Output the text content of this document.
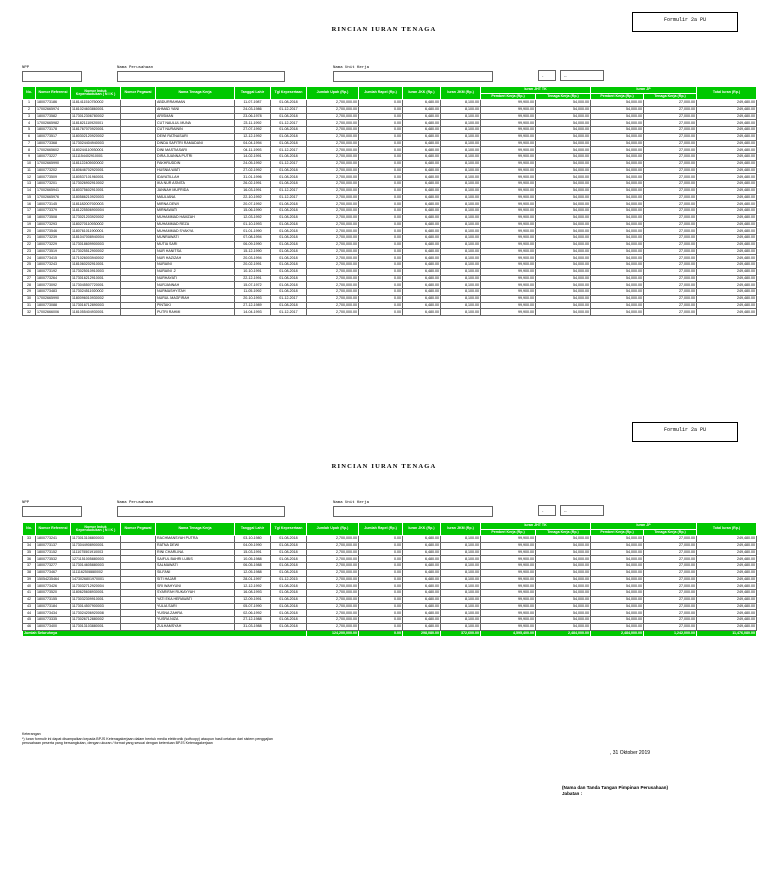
Formulir 2a PU
RINCIAN IURAN TENAGA
NPP	Nama Perusahaan	Nama Unit Kerja
-	--
No.	Nomor Referensi	Nomor Induk Kependudukan ( N I K )	Nomor Pegawai	Nama Tenaga Kerja	Tanggal Lahir	Tgl Kepesertaan	Jumlah Upah (Rp.)	Jumlah Rapel (Rp.)	Iuran JKK (Rp.)	Iuran JKM (Rp.)	Iuran JHT TK		Iuran JP		Total Iuran (Rp.)
											Pemberi Kerja (Rp.)	Tenaga Kerja (Rp.)	Pemberi Kerja (Rp.)	Tenaga Kerja (Rp.)	
1	1800773186	1181411510750002		ABDURRAHMAN	11-07-1987	01-08-2018	2,700,000.00	0.00	6,480.00	8,100.00	99,900.00	54,000.00	54,000.00	27,000.00	249,480.00
2	17002665974	1181024603860001		AHMAD YANI	24-03-1986	01-12-2017	2,700,000.00	0.00	6,480.00	8,100.00	99,900.00	54,000.00	54,000.00	27,000.00	249,480.00
3	1800773582	1173012306780002		ARISMAN	23-06-1978	01-08-2018	2,700,000.00	0.00	6,480.00	8,100.00	99,900.00	54,000.00	54,000.00	27,000.00	249,480.00
4	17002665982	1181821110920001		CUT NAULUL MUNA	23-11-1992	01-12-2017	2,700,000.00	0.00	6,480.00	8,100.00	99,900.00	54,000.00	54,000.00	27,000.00	249,480.00
5	1800773178	1181767070920001		CUT NURAININ	27-07-1992	01-08-2018	2,700,000.00	0.00	6,480.00	8,100.00	99,900.00	54,000.00	54,000.00	27,000.00	249,480.00
6	1800773517	1180302120920002		DEWI RATNASARI	12-12-1992	01-08-2018	2,700,000.00	0.00	6,480.00	8,100.00	99,900.00	54,000.00	54,000.00	27,000.00	249,480.00
7	1800773368	1173024404940003		DINDA SAFITRI RAMADANI	04-04-1994	01-08-2018	2,700,000.00	0.00	6,480.00	8,100.00	99,900.00	54,000.00	54,000.00	27,000.00	249,480.00
8	17002665602	1180244110930001		DINI MASTIASARI	04-11-1993	01-12-2017	2,700,000.00	0.00	6,480.00	8,100.00	99,900.00	54,000.00	54,000.00	27,000.00	249,480.00
9	1800773227	1111154402910001		DIRA JUANNA PUTRI	14-02-1991	01-08-2018	2,700,000.00	0.00	6,480.00	8,100.00	99,900.00	54,000.00	54,000.00	27,000.00	249,480.00
10	17002665990	1181122405920002		FAKHRUDDIN	24-05-1992	01-12-2017	2,700,000.00	0.00	6,480.00	8,100.00	99,900.00	54,000.00	54,000.00	27,000.00	249,480.00
11	1800773202	1180646702920001		HUSNIA WATI	27-02-1992	01-08-2018	2,700,000.00	0.00	6,480.00	8,100.00	99,900.00	54,000.00	54,000.00	27,000.00	249,480.00
12	1800773509	1180537101960001		IDAYATILLAH	31-01-1996	01-08-2018	2,700,000.00	0.00	6,480.00	8,100.00	99,900.00	54,000.00	54,000.00	27,000.00	249,480.00
13	1800773201	1173026902910002		IKA NUR ASNITA	26-02-1991	01-08-2018	2,700,000.00	0.00	6,480.00	8,100.00	99,900.00	54,000.00	54,000.00	27,000.00	249,480.00
14	17002665941	1180375602910001		JANNAH MUFRIDA	16-03-1991	01-12-2017	2,700,000.00	0.00	6,480.00	8,100.00	99,900.00	54,000.00	54,000.00	27,000.00	249,480.00
15	17002665976	1180586210920003		MAULIANA	22-10-1992	01-12-2017	2,700,000.00	0.00	6,480.00	8,100.00	99,900.00	54,000.00	54,000.00	27,000.00	249,480.00
16	1800773145	1181182007920003		MIRNA DEWI	20-07-1992	01-08-2018	2,700,000.00	0.00	6,480.00	8,100.00	99,900.00	54,000.00	54,000.00	27,000.00	249,480.00
17	1800773379	1181225506900004		MIRNAWATI	15-06-1990	01-08-2018	2,700,000.00	0.00	6,480.00	8,100.00	99,900.00	54,000.00	54,000.00	27,000.00	249,480.00
18	1800773508	1173021203920002		MUHAMMAD HAMZAH	12-03-1992	01-08-2018	2,700,000.00	0.00	6,480.00	8,100.00	99,900.00	54,000.00	54,000.00	27,000.00	249,480.00
19	1800773293	1180270110930002		MUHAMMAD REZA	01-10-1993	01-08-2018	2,700,000.00	0.00	6,480.00	8,100.00	99,900.00	54,000.00	54,000.00	27,000.00	249,480.00
20	1800773546	1180761011900001		MUHAMMAD SYAKYA	01-01-1990	01-08-2018	2,700,000.00	0.00	6,480.00	8,100.00	99,900.00	54,000.00	54,000.00	27,000.00	249,480.00
21	1800773239	1181047008940004		MUNRAWATI	07-08-1994	01-08-2018	2,700,000.00	0.00	6,480.00	8,100.00	99,900.00	54,000.00	54,000.00	27,000.00	249,480.00
22	1800773229	1173018609900003		MUTIA SARI	06-09-1990	01-08-2018	2,700,000.00	0.00	6,480.00	8,100.00	99,900.00	54,000.00	54,000.00	27,000.00	249,480.00
23	1800773519	1173025512900002		NUR HANITSA	15-12-1990	01-08-2018	2,700,000.00	0.00	6,480.00	8,100.00	99,900.00	54,000.00	54,000.00	27,000.00	249,480.00
24	1800773415	1171026003940002		NUR HAZIZAH	20-03-1994	01-08-2018	2,700,000.00	0.00	6,480.00	8,100.00	99,900.00	54,000.00	54,000.00	27,000.00	249,480.00
25	1800773243	1181060202910001		NURAINI	20-02-1991	01-08-2018	2,700,000.00	0.00	6,480.00	8,100.00	99,900.00	54,000.00	54,000.00	27,000.00	249,480.00
26	1800773192	1173025010910003		NURAINI .2	10-10-1991	01-08-2018	2,700,000.00	0.00	6,480.00	8,100.00	99,900.00	54,000.00	54,000.00	27,000.00	249,480.00
27	1800773264	1173016212910001		NURHAYATI	22-12-1991	01-08-2018	2,700,000.00	0.00	6,480.00	8,100.00	99,900.00	54,000.00	54,000.00	27,000.00	249,480.00
28	1800773092	1173045507720001		NURJANNAH	15-07-1972	01-08-2018	2,700,000.00	0.00	6,480.00	8,100.00	99,900.00	54,000.00	54,000.00	27,000.00	249,480.00
29	1800773483	1173024511920002		NURMASHYITAH	11-05-1992	01-08-2018	2,700,000.00	0.00	6,480.00	8,100.00	99,900.00	54,000.00	54,000.00	27,000.00	249,480.00
30	17002665990	1180096010930002		NURUL MAGFIRAH	20-10-1993	01-12-2017	2,700,000.00	0.00	6,480.00	8,100.00	99,900.00	54,000.00	54,000.00	27,000.00	249,480.00
31	1800773088	1173016712890003		PINTAKI	27-12-1989	01-08-2018	2,700,000.00	0.00	6,480.00	8,100.00	99,900.00	54,000.00	54,000.00	27,000.00	249,480.00
32	17002666006	1181055404930001		PUTRI RAHMI	14-04-1993	01-12-2017	2,700,000.00	0.00	6,480.00	8,100.00	99,900.00	54,000.00	54,000.00	27,000.00	249,480.00
Formulir 2a PU
RINCIAN IURAN TENAGA
NPP	Nama Perusahaan	Nama Unit Kerja
-	--
No.	Nomor Referensi	Nomor Induk Kependudukan ( N I K )	Nomor Pegawai	Nama Tenaga Kerja	Tanggal Lahir	Tgl Kepesertaan	Jumlah Upah (Rp.)	Jumlah Rapel (Rp.)	Iuran JKK (Rp.)	Iuran JKM (Rp.)	Iuran JHT TK		Iuran JP		Total Iuran (Rp.)
											Pemberi Kerja (Rp.)	Tenaga Kerja (Rp.)	Pemberi Kerja (Rp.)	Tenaga Kerja (Rp.)	
33	1800773241	1173013108800003		RACHMANSYAH PUTRA	03-10-1980	01-08-2018	2,700,000.00	0.00	6,480.00	8,100.00	99,900.00	54,000.00	54,000.00	27,000.00	249,480.00
34	1800773137	1173044908900001		RATNA DEWI	04-09-1990	01-08-2018	2,700,000.00	0.00	6,480.00	8,100.00	99,900.00	54,000.00	54,000.00	27,000.00	249,480.00
35	1800773152	1111075501910003		RINI CHARLINA	15-03-1991	01-08-2018	2,700,000.00	0.00	6,480.00	8,100.00	99,900.00	54,000.00	54,000.00	27,000.00	249,480.00
36	1800773532	1271151005880003		SAIFUL BAHRI LUBIS	10-05-1988	01-08-2018	2,700,000.00	0.00	6,480.00	8,100.00	99,900.00	54,000.00	54,000.00	27,000.00	249,480.00
37	1800773277	1173014605880003		SALMAWATI	06-05-1988	01-08-2018	2,700,000.00	0.00	6,480.00	8,100.00	99,900.00	54,000.00	54,000.00	27,000.00	249,480.00
38	1800773467	1111162508880002		SILFANI	12-05-1988	01-08-2018	2,700,000.00	0.00	6,480.00	8,100.00	99,900.00	54,000.00	54,000.00	27,000.00	249,480.00
39	15054235464	1473026801970001		SITI HAJAR	28-01-1997	01-12-2015	2,700,000.00	0.00	6,480.00	8,100.00	99,900.00	54,000.00	54,000.00	27,000.00	249,480.00
40	1800773426	1173032712920004		SRI WAHYUNI	12-12-1992	01-08-2018	2,700,000.00	0.00	6,480.00	8,100.00	99,900.00	54,000.00	54,000.00	27,000.00	249,480.00
41	1800773520	1180625608930001		SYARIFAH RUKAYYAH	16-08-1993	01-08-2018	2,700,000.00	0.00	6,480.00	8,100.00	99,900.00	54,000.00	54,000.00	27,000.00	249,480.00
42	1800773155	1173032309910001		YATI EKA HERAWATI	12-09-1991	01-08-2018	2,700,000.00	0.00	6,480.00	8,100.00	99,900.00	54,000.00	54,000.00	27,000.00	249,480.00
43	1800773184	1173014507900003		YULIA SARI	05-07-1990	01-08-2018	2,700,000.00	0.00	6,480.00	8,100.00	99,900.00	54,000.00	54,000.00	27,000.00	249,480.00
44	1800773434	1173024206920008		YUSNA ZAHRA	02-06-1992	01-08-2018	2,700,000.00	0.00	6,480.00	8,100.00	99,900.00	54,000.00	54,000.00	27,000.00	249,480.00
45	1800773335	1173026712880002		YUSRA NIZA	27-12-1988	01-08-2018	2,700,000.00	0.00	6,480.00	8,100.00	99,900.00	54,000.00	54,000.00	27,000.00	249,480.00
46	1800773400	1173013103880001		ZULHAMSYAH	31-03-1988	01-08-2018	2,700,000.00	0.00	6,480.00	8,100.00	99,900.00	54,000.00	54,000.00	27,000.00	249,480.00
Jumlah Seluruhnya							124,200,000.00	0.00	298,080.00	372,600.00	4,595,400.00	2,484,000.00	2,484,000.00	1,242,000.00	11,476,080.00
Keterangan
*) Iuran formulir ini dapat disampaikan kepada BPJS Ketenagakerjaan dalam bentuk media elektronik (softcopy) ataupun hasil cetakan dari sistem penggajian perusahaan peserta yang bersangkutan, dengan ukuran / format yang sesuai dengan ketentuan BPJS Ketenagakerjaan
, 31 Oktober 2019
(Nama dan Tanda Tangan Pimpinan Perusahaan)
Jabatan :
